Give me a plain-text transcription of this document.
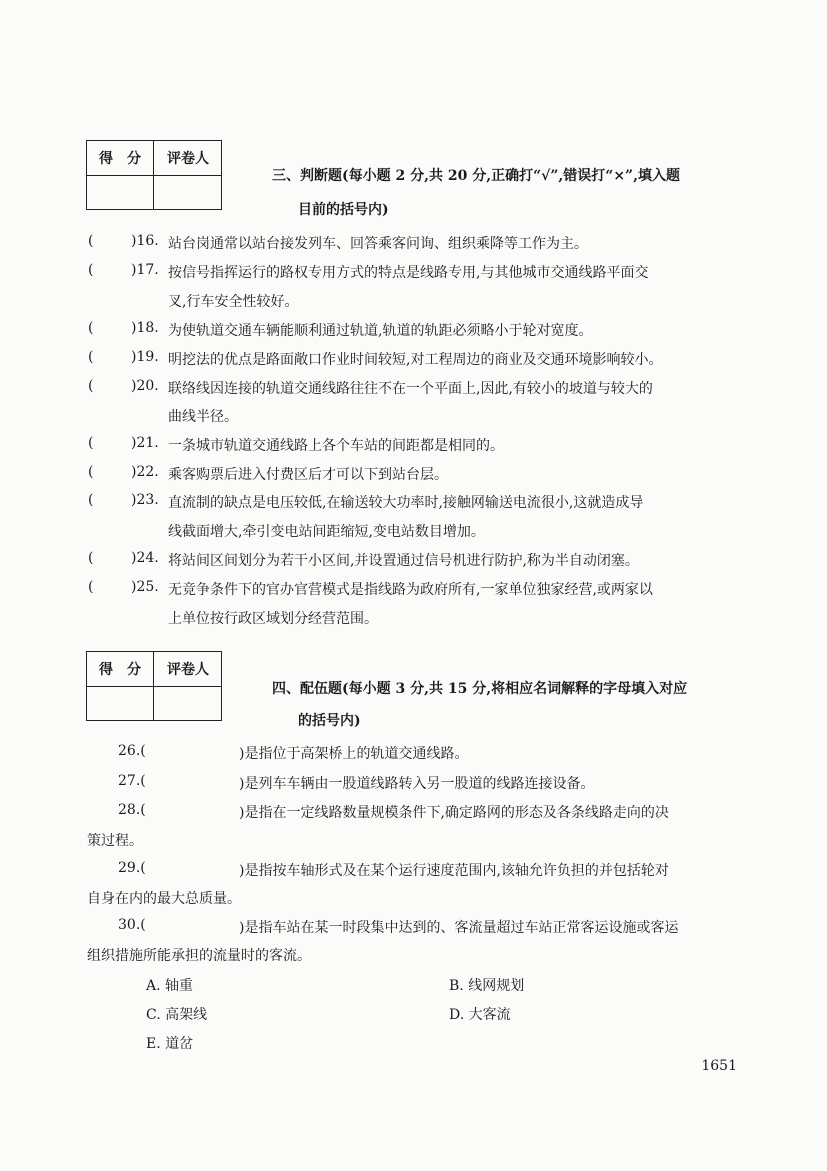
得　分	评卷人
三、判断题(每小题 2 分,共 20 分,正确打“√”,错误打“×”,填入题
目前的括号内)
(	)16. 站台岗通常以站台接发列车、回答乘客问询、组织乘降等工作为主。
(	)17. 按信号指挥运行的路权专用方式的特点是线路专用,与其他城市交通线路平面交
叉,行车安全性较好。
(	)18. 为使轨道交通车辆能顺利通过轨道,轨道的轨距必须略小于轮对宽度。
(	)19. 明挖法的优点是路面敞口作业时间较短,对工程周边的商业及交通环境影响较小。
(	)20. 联络线因连接的轨道交通线路往往不在一个平面上,因此,有较小的坡道与较大的
曲线半径。
(	)21. 一条城市轨道交通线路上各个车站的间距都是相同的。
(	)22. 乘客购票后进入付费区后才可以下到站台层。
(	)23. 直流制的缺点是电压较低,在输送较大功率时,接触网输送电流很小,这就造成导
线截面增大,牵引变电站间距缩短,变电站数目增加。
(	)24. 将站间区间划分为若干小区间,并设置通过信号机进行防护,称为半自动闭塞。
(	)25. 无竞争条件下的官办官营模式是指线路为政府所有,一家单位独家经营,或两家以
上单位按行政区域划分经营范围。
得　分	评卷人
四、配伍题(每小题 3 分,共 15 分,将相应名词解释的字母填入对应
的括号内)
26.(	)是指位于高架桥上的轨道交通线路。
27.(	)是列车车辆由一股道线路转入另一股道的线路连接设备。
28.(	)是指在一定线路数量规模条件下,确定路网的形态及各条线路走向的决
策过程。
29.(	)是指按车轴形式及在某个运行速度范围内,该轴允许负担的并包括轮对
自身在内的最大总质量。
30.(	)是指车站在某一时段集中达到的、客流量超过车站正常客运设施或客运
组织措施所能承担的流量时的客流。
A. 轴重	B. 线网规划
C. 高架线	D. 大客流
E. 道岔
1651
